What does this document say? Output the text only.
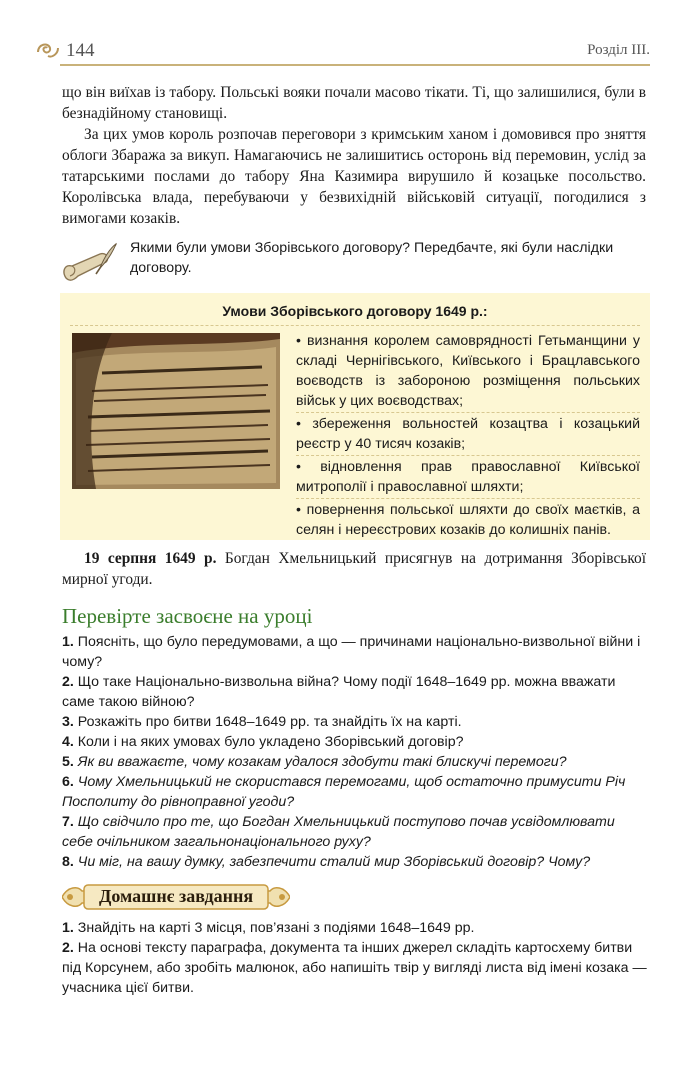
144	Розділ ІІІ.

що він виїхав із табору. Польські вояки почали масово тікати. Ті, що залишилися, були в безнадійному становищі.

За цих умов король розпочав переговори з кримським ханом і домовився про зняття облоги Збаража за викуп. Намагаючись не залишитись осторонь від перемовин, услід за татарськими послами до табору Яна Казимира вирушило й козацьке посольство. Королівська влада, перебуваючи у безвихідній військовій ситуації, погодилися з вимогами козаків.

Якими були умови Зборівського договору? Передбачте, які були наслідки договору.

Умови Зборівського договору 1649 р.:
• визнання королем самоврядності Гетьманщини у складі Чернігівського, Київського і Брацлавського воєводств із забороною розміщення польських військ у цих воєводствах;
• збереження вольностей козацтва і козацький реєстр у 40 тисяч козаків;
• відновлення прав православної Київської митрополії і православної шляхти;
• повернення польської шляхти до своїх маєтків, а селян і нереєстрових козаків до колишніх панів.

19 серпня 1649 р. Богдан Хмельницький присягнув на дотримання Зборівської мирної угоди.

Перевірте засвоєне на уроці
1. Поясніть, що було передумовами, а що — причинами національно-визвольної війни і чому?
2. Що таке Національно-визвольна війна? Чому події 1648–1649 рр. можна вважати саме такою війною?
3. Розкажіть про битви 1648–1649 рр. та знайдіть їх на карті.
4. Коли і на яких умовах було укладено Зборівський договір?
5. Як ви вважаєте, чому козакам удалося здобути такі блискучі перемоги?
6. Чому Хмельницький не скористався перемогами, щоб остаточно примусити Річ Посполиту до рівноправної угоди?
7. Що свідчило про те, що Богдан Хмельницький поступово почав усвідомлювати себе очільником загальнонаціонального руху?
8. Чи міг, на вашу думку, забезпечити сталий мир Зборівський договір? Чому?
Домашнє завдання
1. Знайдіть на карті 3 місця, пов’язані з подіями 1648–1649 рр.
2. На основі тексту параграфа, документа та інших джерел складіть картосхему битви під Корсунем, або зробіть малюнок, або напишіть твір у вигляді листа від імені козака — учасника цієї битви.
